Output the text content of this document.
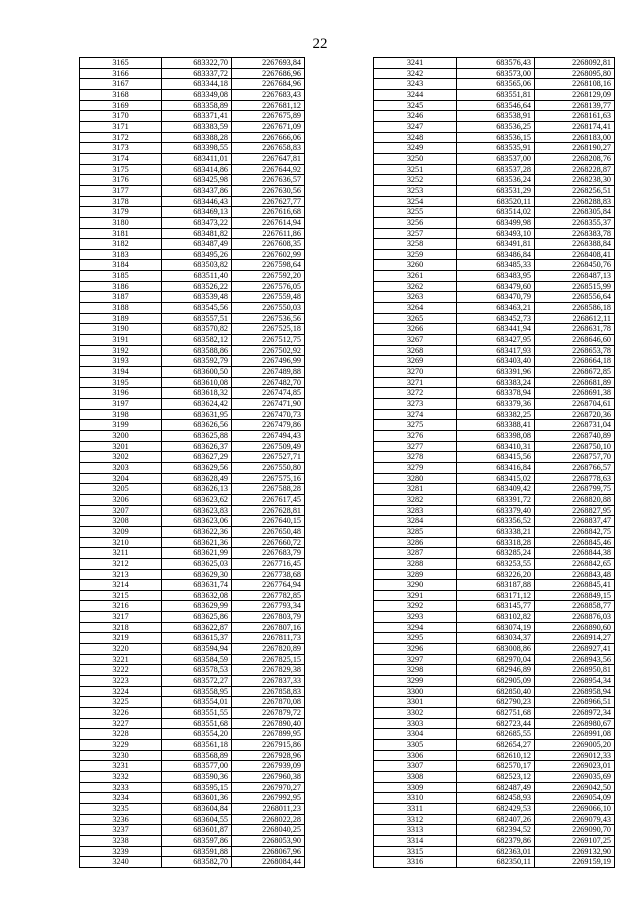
22
3165	683322,70	2267693,84
3166	683337,72	2267686,96
3167	683344,18	2267684,96
3168	683349,08	2267683,43
3169	683358,89	2267681,12
3170	683371,41	2267675,89
3171	683383,59	2267671,09
3172	683388,28	2267666,06
3173	683398,55	2267658,83
3174	683411,01	2267647,81
3175	683414,86	2267644,92
3176	683425,98	2267636,57
3177	683437,86	2267630,56
3178	683446,43	2267627,77
3179	683469,13	2267616,68
3180	683473,22	2267614,94
3181	683481,82	2267611,86
3182	683487,49	2267608,35
3183	683495,26	2267602,99
3184	683503,82	2267598,64
3185	683511,40	2267592,20
3186	683526,22	2267576,05
3187	683539,48	2267559,48
3188	683545,56	2267550,03
3189	683557,51	2267536,56
3190	683570,82	2267525,18
3191	683582,12	2267512,75
3192	683588,86	2267502,92
3193	683592,79	2267496,99
3194	683600,50	2267489,88
3195	683610,08	2267482,70
3196	683618,32	2267474,85
3197	683624,42	2267471,90
3198	683631,95	2267470,73
3199	683626,56	2267479,86
3200	683625,88	2267494,43
3201	683626,37	2267509,49
3202	683627,29	2267527,71
3203	683629,56	2267550,80
3204	683628,49	2267575,16
3205	683626,13	2267588,28
3206	683623,62	2267617,45
3207	683623,83	2267628,81
3208	683623,06	2267640,15
3209	683622,36	2267650,48
3210	683621,36	2267660,72
3211	683621,99	2267683,79
3212	683625,03	2267716,45
3213	683629,30	2267738,68
3214	683631,74	2267764,94
3215	683632,08	2267782,85
3216	683629,99	2267793,34
3217	683625,86	2267803,79
3218	683622,87	2267807,16
3219	683615,37	2267811,73
3220	683594,94	2267820,89
3221	683584,59	2267825,15
3222	683578,53	2267829,38
3223	683572,27	2267837,33
3224	683558,95	2267858,83
3225	683554,01	2267870,08
3226	683551,55	2267879,72
3227	683551,68	2267890,40
3228	683554,20	2267899,95
3229	683561,18	2267915,86
3230	683568,89	2267928,96
3231	683577,00	2267939,09
3232	683590,36	2267960,38
3233	683595,15	2267970,27
3234	683601,36	2267992,95
3235	683604,84	2268011,23
3236	683604,55	2268022,28
3237	683601,87	2268040,25
3238	683597,86	2268053,90
3239	683591,88	2268067,96
3240	683582,70	2268084,44
3241	683576,43	2268092,81
3242	683573,00	2268095,80
3243	683565,06	2268108,16
3244	683551,81	2268129,09
3245	683546,64	2268139,77
3246	683538,91	2268161,63
3247	683536,25	2268174,41
3248	683536,15	2268183,00
3249	683535,91	2268190,27
3250	683537,00	2268208,76
3251	683537,28	2268228,87
3252	683536,24	2268238,30
3253	683531,29	2268256,51
3254	683520,11	2268288,83
3255	683514,02	2268305,84
3256	683499,98	2268355,37
3257	683493,10	2268383,78
3258	683491,81	2268388,84
3259	683486,84	2268408,41
3260	683485,33	2268450,76
3261	683483,95	2268487,13
3262	683479,60	2268515,99
3263	683470,79	2268556,64
3264	683463,21	2268586,18
3265	683452,73	2268612,11
3266	683441,94	2268631,78
3267	683427,95	2268646,60
3268	683417,93	2268653,78
3269	683403,40	2268664,18
3270	683391,96	2268672,85
3271	683383,24	2268681,89
3272	683378,94	2268691,38
3273	683379,36	2268704,61
3274	683382,25	2268720,36
3275	683388,41	2268731,04
3276	683398,08	2268740,89
3277	683410,31	2268750,10
3278	683415,56	2268757,70
3279	683416,84	2268766,57
3280	683415,02	2268778,63
3281	683409,42	2268799,75
3282	683391,72	2268820,88
3283	683379,40	2268827,95
3284	683356,52	2268837,47
3285	683338,21	2268842,75
3286	683318,28	2268845,46
3287	683285,24	2268844,38
3288	683253,55	2268842,65
3289	683226,20	2268843,48
3290	683187,88	2268845,41
3291	683171,12	2268849,15
3292	683145,77	2268858,77
3293	683102,82	2268876,03
3294	683074,19	2268890,60
3295	683034,37	2268914,27
3296	683008,86	2268927,41
3297	682970,04	2268943,56
3298	682946,89	2268950,81
3299	682905,09	2268954,34
3300	682850,40	2268958,94
3301	682790,23	2268966,51
3302	682751,68	2268972,34
3303	682723,44	2268980,67
3304	682685,55	2268991,08
3305	682654,27	2269005,20
3306	682610,12	2269012,33
3307	682570,17	2269023,01
3308	682523,12	2269035,69
3309	682487,49	2269042,50
3310	682458,93	2269054,09
3311	682429,53	2269066,10
3312	682407,26	2269079,43
3313	682394,52	2269090,70
3314	682379,86	2269107,25
3315	682363,01	2269132,90
3316	682350,11	2269159,19
